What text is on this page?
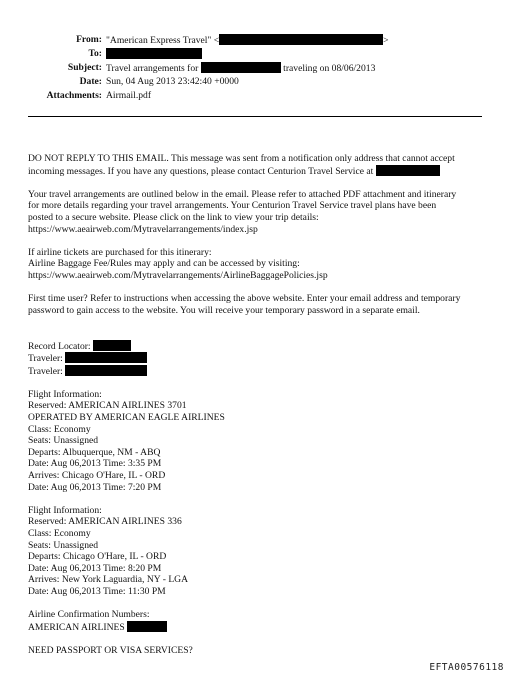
From: "American Express Travel" <	>
To:
Subject: Travel arrangements for	traveling on 08/06/2013
Date: Sun, 04 Aug 2013 23:42:40 +0000
Attachments: Airmail.pdf

DO NOT REPLY TO THIS EMAIL. This message was sent from a notification only address that cannot accept

incoming messages. If you have any questions, please contact Centurion Travel Service at

Your travel arrangements are outlined below in the email. Please refer to attached PDF attachment and itinerary

for more details regarding your travel arrangements. Your Centurion Travel Service travel plans have been

posted to a secure website. Please click on the link to view your trip details:

https://www.aeairweb.com/Mytravelarrangements/index.jsp

If airline tickets are purchased for this itinerary:

Airline Baggage Fee/Rules may apply and can be accessed by visiting:

https://www.aeairweb.com/Mytravelarrangements/AirlineBaggagePolicies.jsp

First time user? Refer to instructions when accessing the above website. Enter your email address and temporary

password to gain access to the website. You will receive your temporary password in a separate email.

Record Locator:

Traveler:

Traveler:

Flight Information:

Reserved: AMERICAN AIRLINES 3701

OPERATED BY AMERICAN EAGLE AIRLINES

Class: Economy

Seats: Unassigned

Departs: Albuquerque, NM - ABQ

Date: Aug 06,2013 Time: 3:35 PM

Arrives: Chicago O'Hare, IL - ORD

Date: Aug 06,2013 Time: 7:20 PM

Flight Information:

Reserved: AMERICAN AIRLINES 336

Class: Economy

Seats: Unassigned

Departs: Chicago O'Hare, IL - ORD

Date: Aug 06,2013 Time: 8:20 PM

Arrives: New York Laguardia, NY - LGA

Date: Aug 06,2013 Time: 11:30 PM

Airline Confirmation Numbers:

AMERICAN AIRLINES

NEED PASSPORT OR VISA SERVICES?

EFTA00576118
